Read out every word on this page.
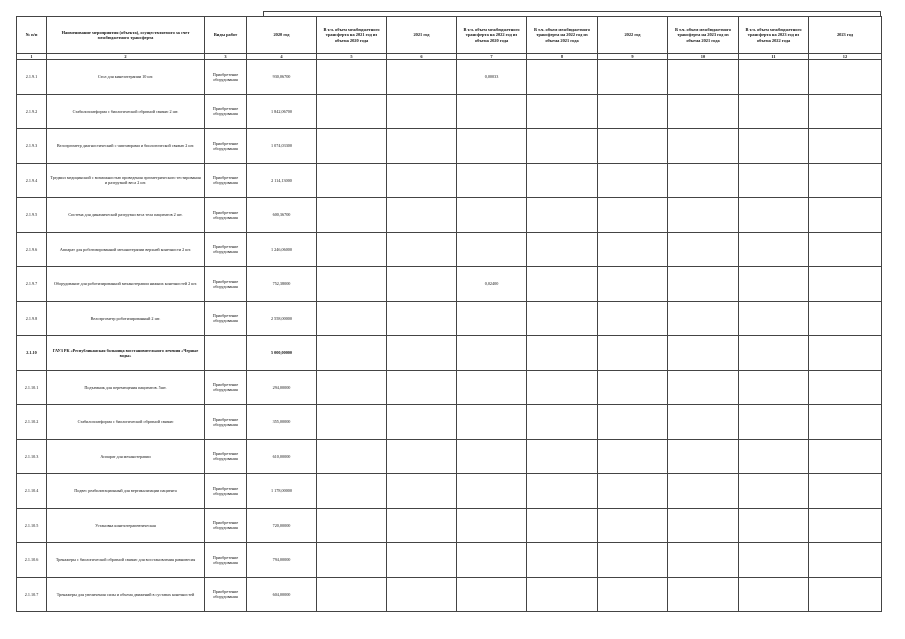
№ п/п	Наименование мероприятия (объекта), осуществляемого за счет межбюджетного трансферта	Виды работ	2020 год	В т.ч. объем межбюджетного трансферта на 2021 год из объема 2020 года	2021 год	В т.ч. объем межбюджетного трансферта на 2022 год из объема 2020 года	В т.ч. объем межбюджетного трансферта на 2022 год из объема 2021 года	2022 год	В т.ч. объем межбюджетного трансферта на 2023 год из объема 2021 года	В т.ч. объем межбюджетного трансферта на 2023 год из объема 2022 года	2023 год
1	2	3	4	5	6	7	8	9	10	11	12
2.1.9.1	Стол для кинезотерапии 10 шт.	Приобретение оборудования	930,06700			0,00033					
2.1.9.2	Стабилоплатформа с биологической обратной связью 2 шт.	Приобретение оборудования	1 842,06700								
2.1.9.3	Велоэргометр диагностический с чиптаюрами и биологической связью 2 шт.	Приобретение оборудования	1 074,03300								
2.1.9.4	Тредмил медицинский с возможностью проведения эргометрического тестирования и разгрузкой веса 2 шт.	Приобретение оборудования	2 114,13000								
2.1.9.5	Система для динамической разгрузки веса тела пациентов 2 шт.	Приобретение оборудования	600,36700								
2.1.9.6	Аппарат для роботизированной механотерапии верхней конечности 2 шт.	Приобретение оборудования	1 246,06000								
2.1.9.7	Оборудование для роботизированной механотерапии нижних конечностей 2 шт.	Приобретение оборудования	752,38000			0,02400					
2.1.9.8	Велоэргометр роботизированный 2 шт.	Приобретение оборудования	2 558,00000								
2.1.10	ГАУЗ РК «Республиканская больница восстановительного лечения «Черные воды»		5 000,00000								
2.1.10.1	Подъемник для перемещения пациентов. 5шт.	Приобретение оборудования	294,00000								
2.1.10.2	Стабилоплатформа с биологической обратной связью	Приобретение оборудования	355,00000								
2.1.10.3	Аппарат для механотерапии	Приобретение оборудования	610,00000								
2.1.10.4	Подвес реабилитационный для вертикализации пациента	Приобретение оборудования	1 178,00000								
2.1.10.5	Установка кинезотерапевтическая	Приобретение оборудования	720,00000								
2.1.10.6	Тренажеры с биологической обратной связью для восстановления равновесия	Приобретение оборудования	794,00000								
2.1.10.7	Тренажеры для увеличения силы и объема движений в суставах конечностей	Приобретение оборудования	604,00000								
